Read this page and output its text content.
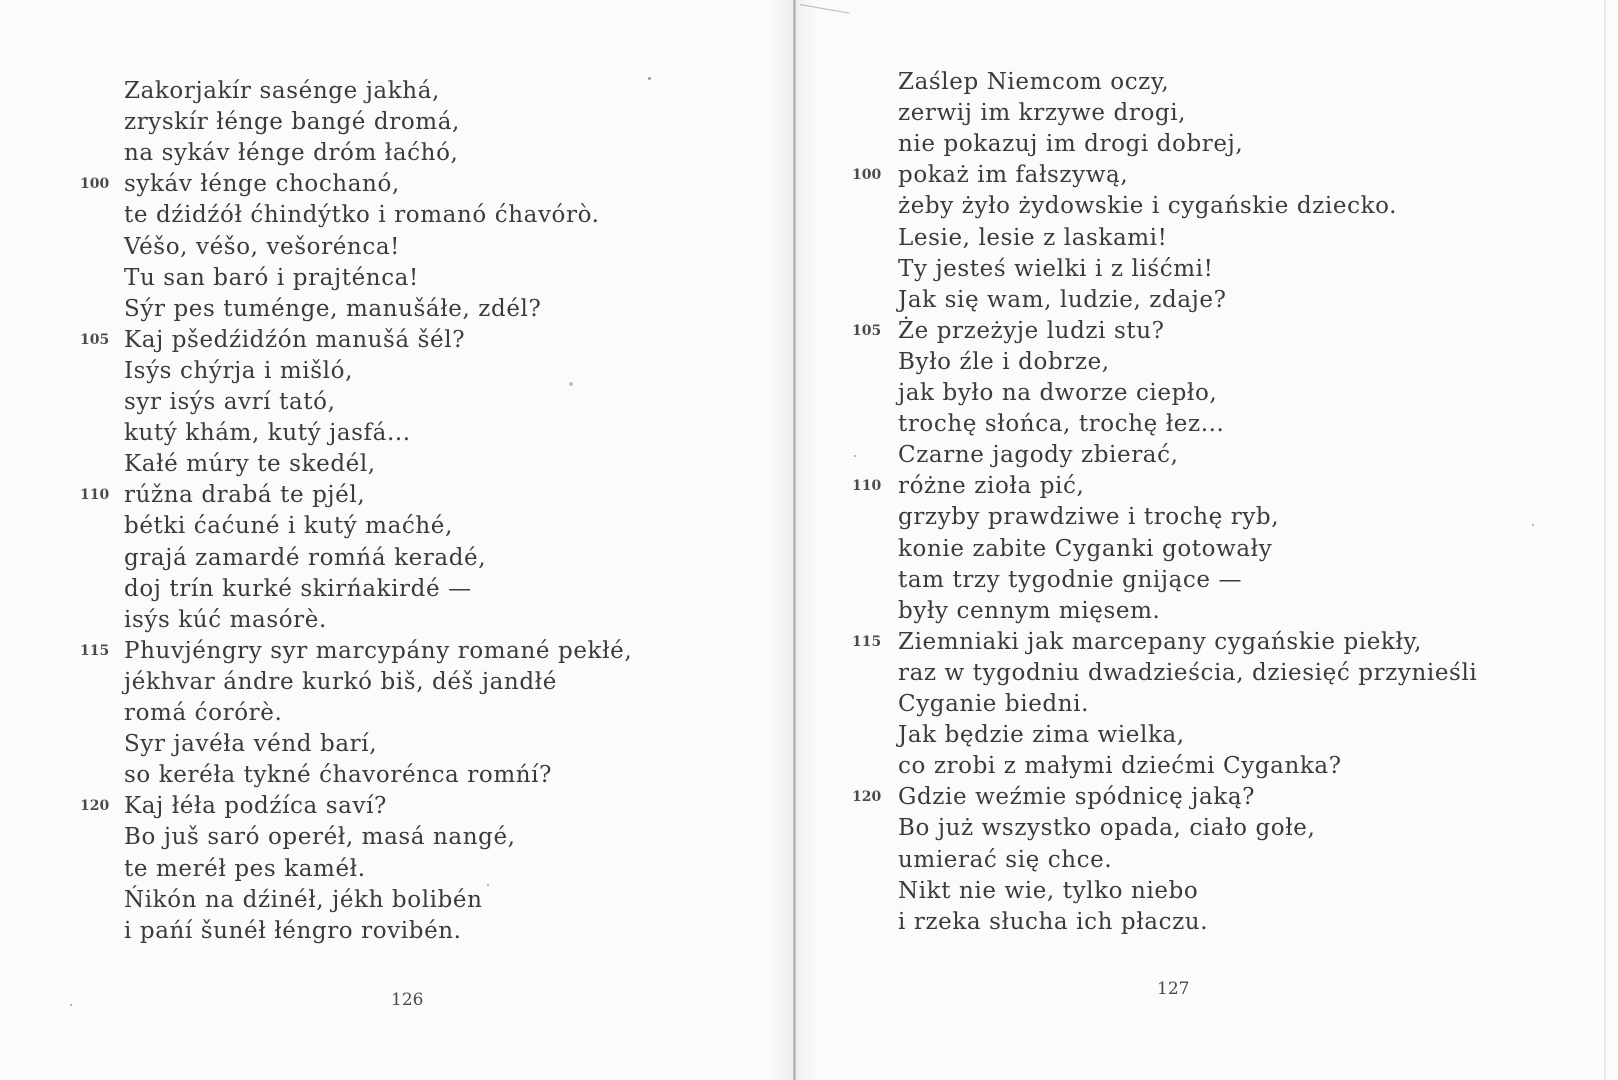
Zakorjakír sasénge jakhá,
zryskír łénge bangé dromá,
na sykáv łénge dróm łaćhó,
100 sykáv łénge chochanó,
te dźidźół ćhindýtko i romanó ćhavórò.
Véšo, véšo, vešorénca!
Tu san baró i prajténca!
Sýr pes tuménge, manušáłe, zdél?
105 Kaj pšedźidźón manušá šél?
Isýs chýrja i mišló,
syr isýs avrí tató,
kutý khám, kutý jasfá...
Kałé múry te skedél,
110 rúžna drabá te pjél,
bétki ćaćuné i kutý maćhé,
grajá zamardé romńá keradé,
doj trín kurké skirńakirdé —
isýs kúć masórè.
115 Phuvjéngry syr marcypány romané pekłé,
jékhvar ándre kurkó biš, déš jandłé
romá ćorórè.
Syr javéła vénd barí,
so keréła tykné ćhavorénca romńí?
120 Kaj łéła podźíca saví?
Bo juš saró operéł, masá nangé,
te meréł pes kaméł.
Ńikón na dźinéł, jékh bolibén
i pańí šunéł łéngro rovibén.
126
Zaślep Niemcom oczy,
zerwij im krzywe drogi,
nie pokazuj im drogi dobrej,
100 pokaż im fałszywą,
żeby żyło żydowskie i cygańskie dziecko.
Lesie, lesie z laskami!
Ty jesteś wielki i z liśćmi!
Jak się wam, ludzie, zdaje?
105 Że przeżyje ludzi stu?
Było źle i dobrze,
jak było na dworze ciepło,
trochę słońca, trochę łez...
Czarne jagody zbierać,
110 różne zioła pić,
grzyby prawdziwe i trochę ryb,
konie zabite Cyganki gotowały
tam trzy tygodnie gnijące —
były cennym mięsem.
115 Ziemniaki jak marcepany cygańskie piekły,
raz w tygodniu dwadzieścia, dziesięć przynieśli
Cyganie biedni.
Jak będzie zima wielka,
co zrobi z małymi dziećmi Cyganka?
120 Gdzie weźmie spódnicę jaką?
Bo już wszystko opada, ciało gołe,
umierać się chce.
Nikt nie wie, tylko niebo
i rzeka słucha ich płaczu.
127
